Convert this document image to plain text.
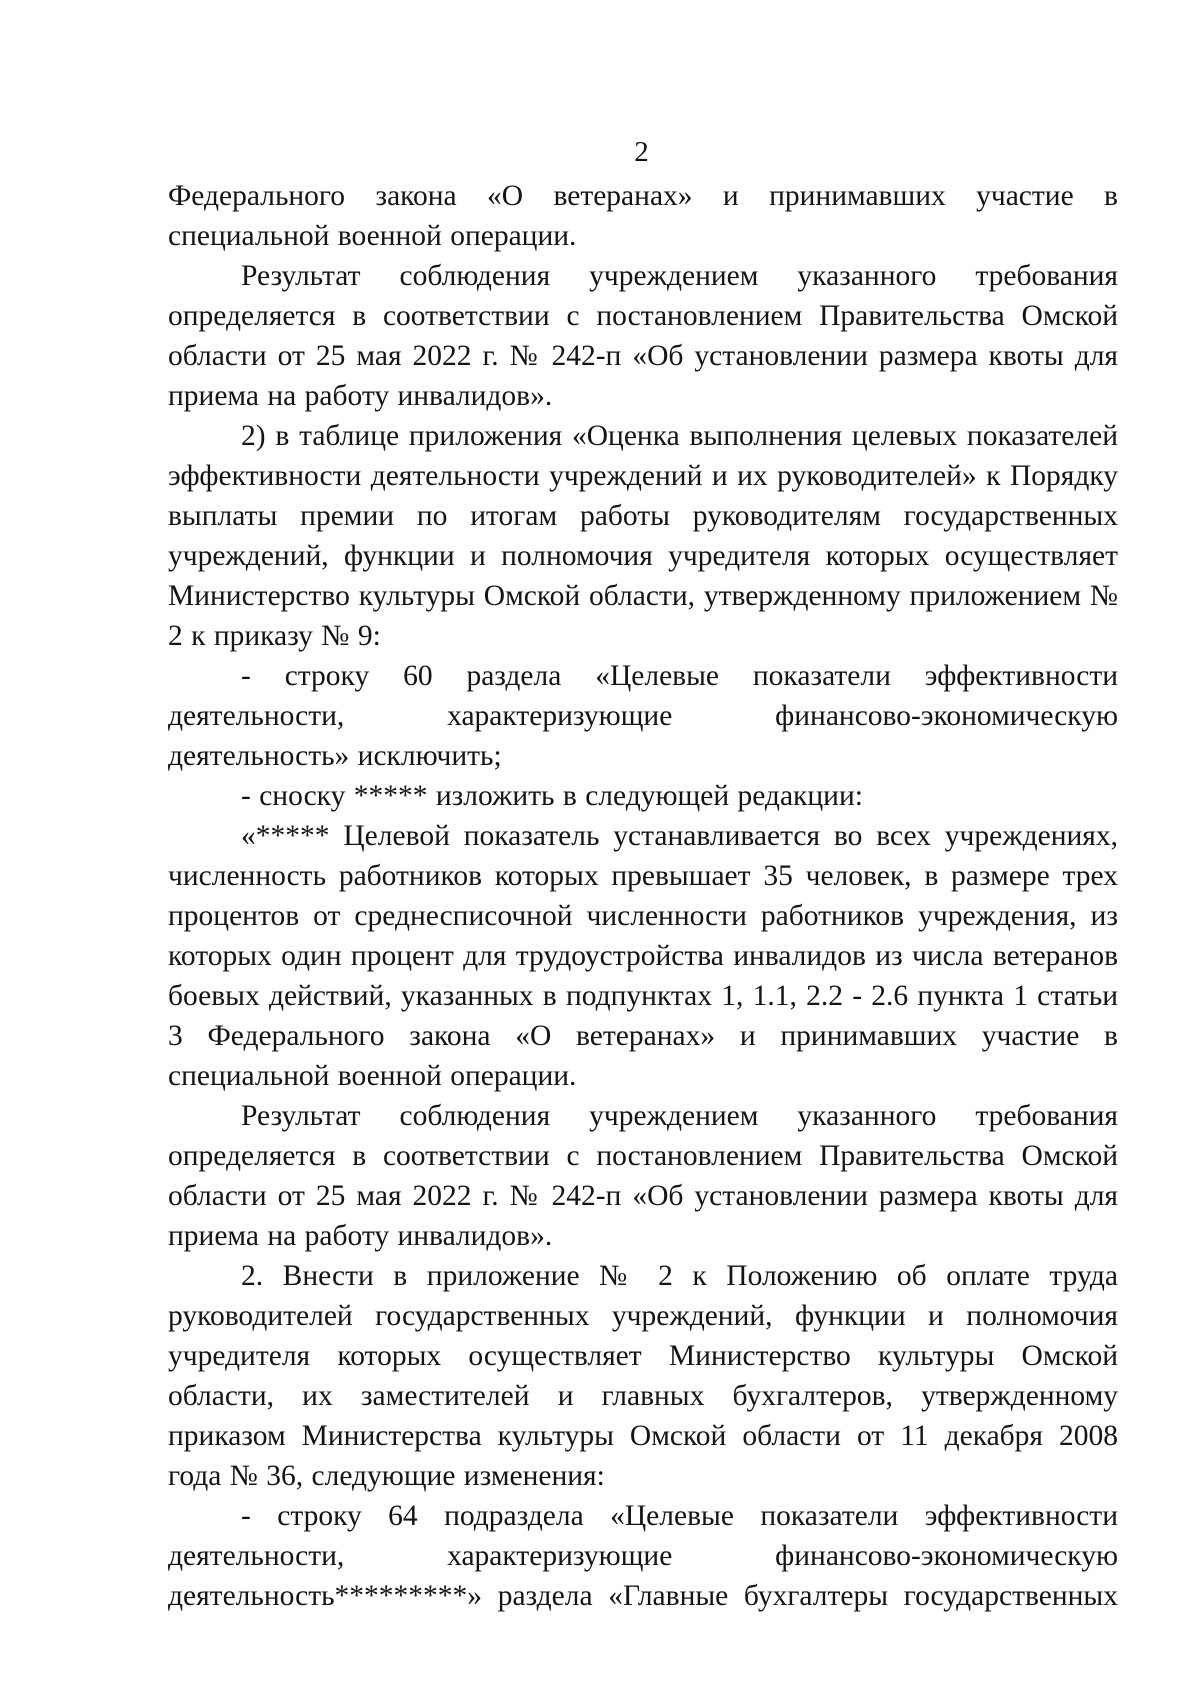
2

Федерального закона «О ветеранах» и принимавших участие в специальной военной операции.

Результат соблюдения учреждением указанного требования определяется в соответствии с постановлением Правительства Омской области от 25 мая 2022 г. № 242-п «Об установлении размера квоты для приема на работу инвалидов».

2) в таблице приложения «Оценка выполнения целевых показателей эффективности деятельности учреждений и их руководителей» к Порядку выплаты премии по итогам работы руководителям государственных учреждений, функции и полномочия учредителя которых осуществляет Министерство культуры Омской области, утвержденному приложением № 2 к приказу № 9:

- строку 60 раздела «Целевые показатели эффективности деятельности, характеризующие финансово-экономическую деятельность» исключить;

- сноску ***** изложить в следующей редакции:

«***** Целевой показатель устанавливается во всех учреждениях, численность работников которых превышает 35 человек, в размере трех процентов от среднесписочной численности работников учреждения, из которых один процент для трудоустройства инвалидов из числа ветеранов боевых действий, указанных в подпунктах 1, 1.1, 2.2 - 2.6 пункта 1 статьи 3 Федерального закона «О ветеранах» и принимавших участие в специальной военной операции.

Результат соблюдения учреждением указанного требования определяется в соответствии с постановлением Правительства Омской области от 25 мая 2022 г. № 242-п «Об установлении размера квоты для приема на работу инвалидов».

2. Внести в приложение № 2 к Положению об оплате труда руководителей государственных учреждений, функции и полномочия учредителя которых осуществляет Министерство культуры Омской области, их заместителей и главных бухгалтеров, утвержденному приказом Министерства культуры Омской области от 11 декабря 2008 года № 36, следующие изменения:

- строку 64 подраздела «Целевые показатели эффективности деятельности, характеризующие финансово-экономическую деятельность*********» раздела «Главные бухгалтеры государственных
